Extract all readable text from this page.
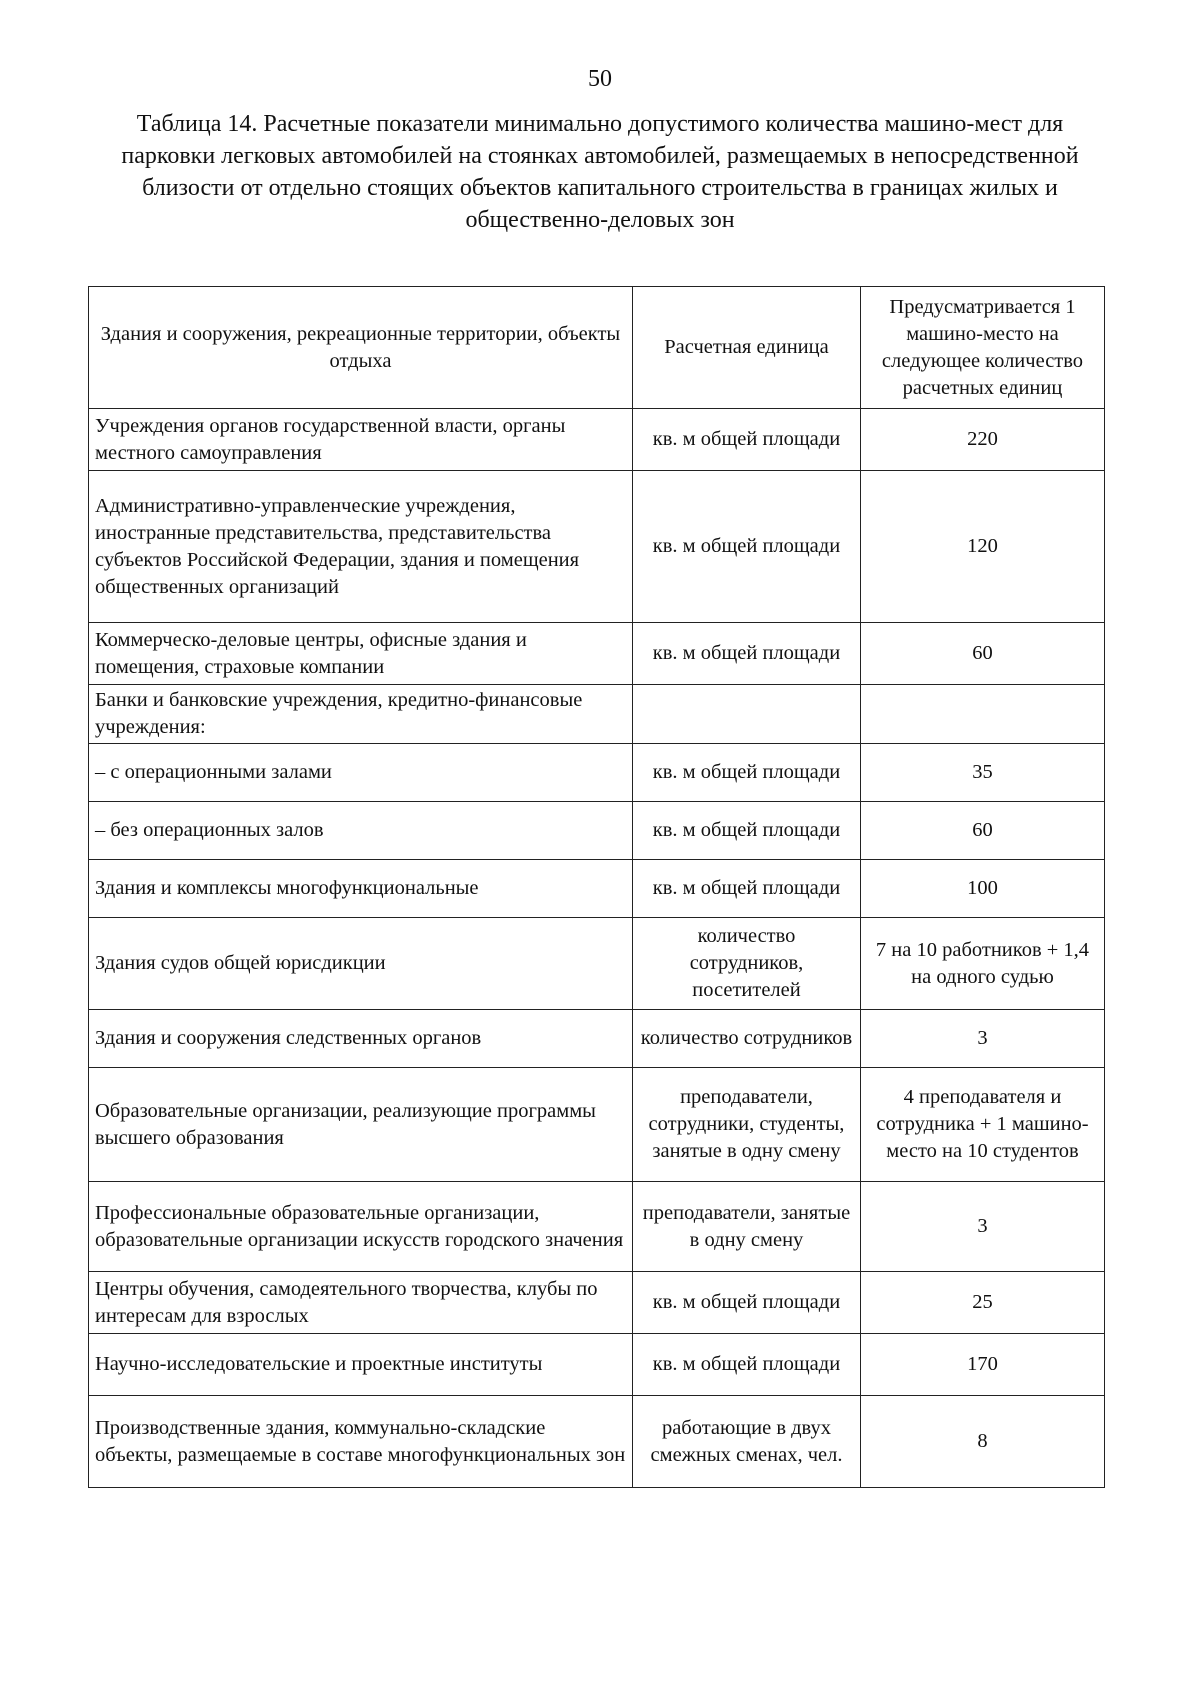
50
Таблица 14. Расчетные показатели минимально допустимого количества машино-мест для парковки легковых автомобилей на стоянках автомобилей, размещаемых в непосредственной близости от отдельно стоящих объектов капитального строительства в границах жилых и общественно-деловых зон
Здания и сооружения, рекреационные территории, объекты отдыха	Расчетная единица	Предусматривается 1 машино-место на следующее количество расчетных единиц
Учреждения органов государственной власти, органы местного самоуправления	кв. м общей площади	220
Административно-управленческие учреждения, иностранные представительства, представительства субъектов Российской Федерации, здания и помещения общественных организаций	кв. м общей площади	120
Коммерческо-деловые центры, офисные здания и помещения, страховые компании	кв. м общей площади	60
Банки и банковские учреждения, кредитно-финансовые учреждения:		
– с операционными залами	кв. м общей площади	35
– без операционных залов	кв. м общей площади	60
Здания и комплексы многофункциональные	кв. м общей площади	100
Здания судов общей юрисдикции	количество сотрудников, посетителей	7 на 10 работников + 1,4 на одного судью
Здания и сооружения следственных органов	количество сотрудников	3
Образовательные организации, реализующие программы высшего образования	преподаватели, сотрудники, студенты, занятые в одну смену	4 преподавателя и сотрудника + 1 машино-место на 10 студентов
Профессиональные образовательные организации, образовательные организации искусств городского значения	преподаватели, занятые в одну смену	3
Центры обучения, самодеятельного творчества, клубы по интересам для взрослых	кв. м общей площади	25
Научно-исследовательские и проектные институты	кв. м общей площади	170
Производственные здания, коммунально-складские объекты, размещаемые в составе многофункциональных зон	работающие в двух смежных сменах, чел.	8
